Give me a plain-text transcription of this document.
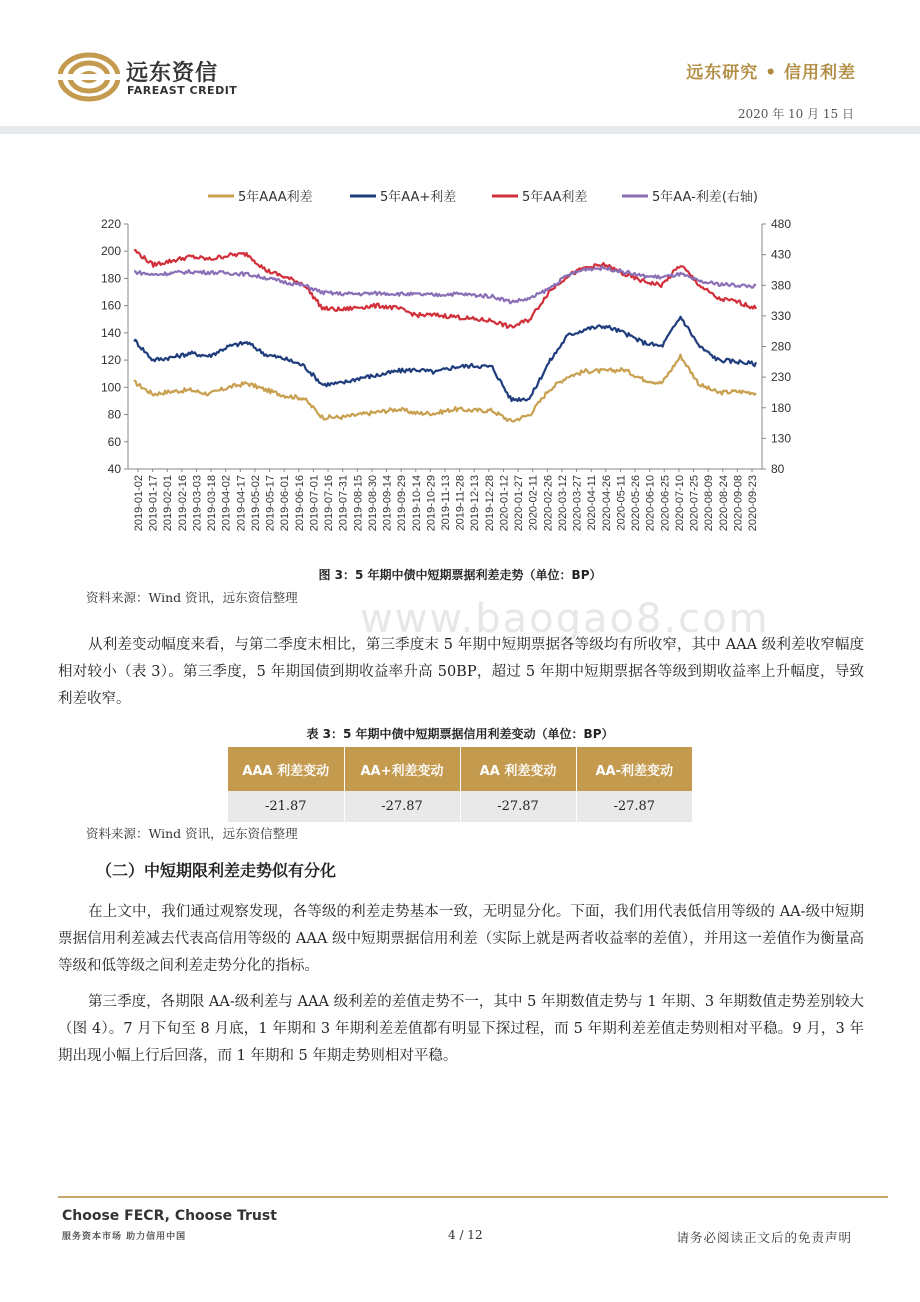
远东资信
FAREAST CREDIT
远东研究 • 信用利差
2020 年 10 月 15 日
40
60
80
100
120
140
160
180
200
220
80
130
180
230
280
330
380
430
480
2019-01-02 2019-01-17 2019-02-01 2019-02-16 2019-03-03 2019-03-18 2019-04-02 2019-04-17 2019-05-02 2019-05-17 2019-06-01 2019-06-16 2019-07-01 2019-07-16 2019-07-31 2019-08-15 2019-08-30 2019-09-14 2019-09-29 2019-10-14 2019-10-29 2019-11-13 2019-11-28 2019-12-13 2019-12-28 2020-01-12 2020-01-27 2020-02-11 2020-02-26 2020-03-12 2020-03-27 2020-04-11 2020-04-26 2020-05-11 2020-05-26 2020-06-10 2020-06-25 2020-07-10 2020-07-25 2020-08-09 2020-08-24 2020-09-08 2020-09-23
5年AAA利差	5年AA+利差	5年AA利差	5年AA-利差(右轴)
图 3：5 年期中债中短期票据利差走势（单位：BP）
资料来源：Wind 资讯，远东资信整理 www.baogao8.com
从利差变动幅度来看，与第二季度末相比，第三季度末 5 年期中短期票据各等级均有所收窄，其中 AAA 级利差收窄幅度相对较小（表 3）。第三季度，5 年期国债到期收益率升高 50BP，超过 5 年期中短期票据各等级到期收益率上升幅度，导致利差收窄。
表 3：5 年期中债中短期票据信用利差变动（单位：BP）
AAA 利差变动	AA+利差变动	AA 利差变动	AA-利差变动
-21.87	-27.87	-27.87	-27.87
资料来源：Wind 资讯，远东资信整理
（二）中短期限利差走势似有分化
在上文中，我们通过观察发现，各等级的利差走势基本一致，无明显分化。下面，我们用代表低信用等级的 AA-级中短期票据信用利差减去代表高信用等级的 AAA 级中短期票据信用利差（实际上就是两者收益率的差值），并用这一差值作为衡量高等级和低等级之间利差走势分化的指标。
第三季度，各期限 AA-级利差与 AAA 级利差的差值走势不一，其中 5 年期数值走势与 1 年期、3 年期数值走势差别较大（图 4）。7 月下旬至 8 月底，1 年期和 3 年期利差差值都有明显下探过程，而 5 年期利差差值走势则相对平稳。9 月，3 年期出现小幅上行后回落，而 1 年期和 5 年期走势则相对平稳。
Choose FECR, Choose Trust
服务资本市场 助力信用中国	4 / 12	请务必阅读正文后的免责声明
